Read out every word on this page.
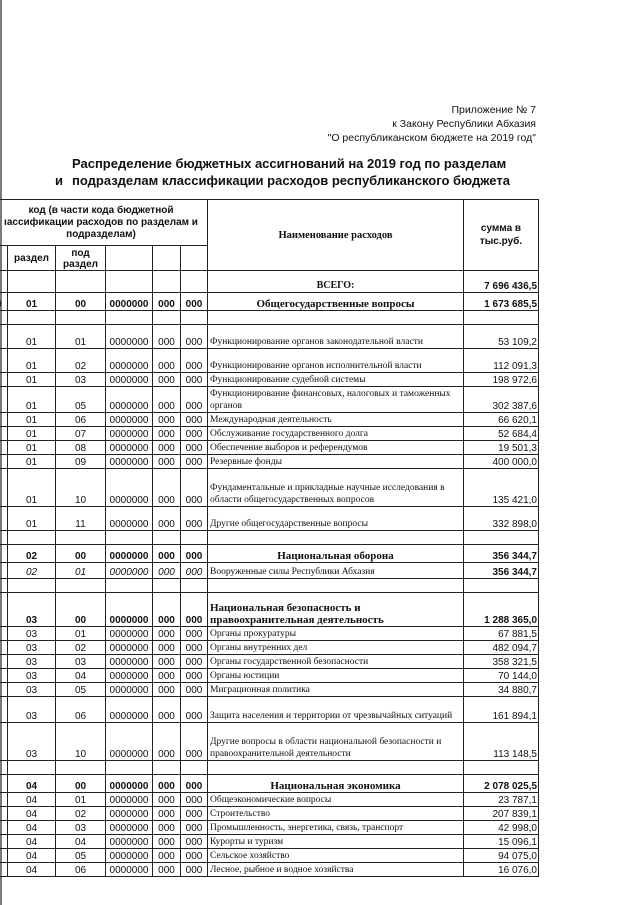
Приложение № 7
к Закону Республики Абхазия
"О республиканском бюджете на 2019 год"
Распределение бюджетных ассигнований на 2019 год по разделам
и подразделам классификации расходов республиканского бюджета
код (в части кода бюджетной ıассификации расходов по разделам и подразделам)						Наименование расходов	сумма в тыс.руб.
	раздел	под раздел					
						ВСЕГО:	7 696 436,5
	01	00	0000000	000	000	Общегосударственные вопросы	1 673 685,5

	01	01	0000000	000	000	Функционирование органов законодательной власти	53 109,2
	01	02	0000000	000	000	Функционирование органов исполнительной власти	112 091,3
	01	03	0000000	000	000	Функционирование судебной системы	198 972,6
	01	05	0000000	000	000	Функционирование финансовых, налоговых и таможенных органов	302 387,6
	01	06	0000000	000	000	Международная деятельность	66 620,1
	01	07	0000000	000	000	Обслуживание государственного долга	52 684,4
	01	08	0000000	000	000	Обеспечение выборов и референдумов	19 501,3
	01	09	0000000	000	000	Резервные фонды	400 000,0
	01	10	0000000	000	000	Фундаментальные и прикладные научные исследования в области общегосударственных вопросов	135 421,0
	01	11	0000000	000	000	Другие общегосударственные вопросы	332 898,0

	02	00	0000000	000	000	Национальная оборона	356 344,7
	02	01	0000000	000	000	Вооруженные силы Республики Абхазия	356 344,7

	03	00	0000000	000	000	Национальная безопасность и правоохранительная деятельность	1 288 365,0
	03	01	0000000	000	000	Органы прокуратуры	67 881,5
	03	02	0000000	000	000	Органы внутренних дел	482 094,7
	03	03	0000000	000	000	Органы государственной безопасности	358 321,5
	03	04	0000000	000	000	Органы юстиции	70 144,0
	03	05	0000000	000	000	Миграционная политика	34 880,7
	03	06	0000000	000	000	Защита населения и территории от чрезвычайных ситуаций	161 894,1
	03	10	0000000	000	000	Другие вопросы в области национальной безопасности и правоохранительной деятельности	113 148,5

	04	00	0000000	000	000	Национальная экономика	2 078 025,5
	04	01	0000000	000	000	Общеэкономические вопросы	23 787,1
	04	02	0000000	000	000	Строительство	207 839,1
	04	03	0000000	000	000	Промышленность, энергетика, связь, транспорт	42 998,0
	04	04	0000000	000	000	Курорты и туризм	15 096,1
	04	05	0000000	000	000	Сельское хозяйство	94 075,0
	04	06	0000000	000	000	Лесное, рыбное и водное хозяйства	16 076,0
